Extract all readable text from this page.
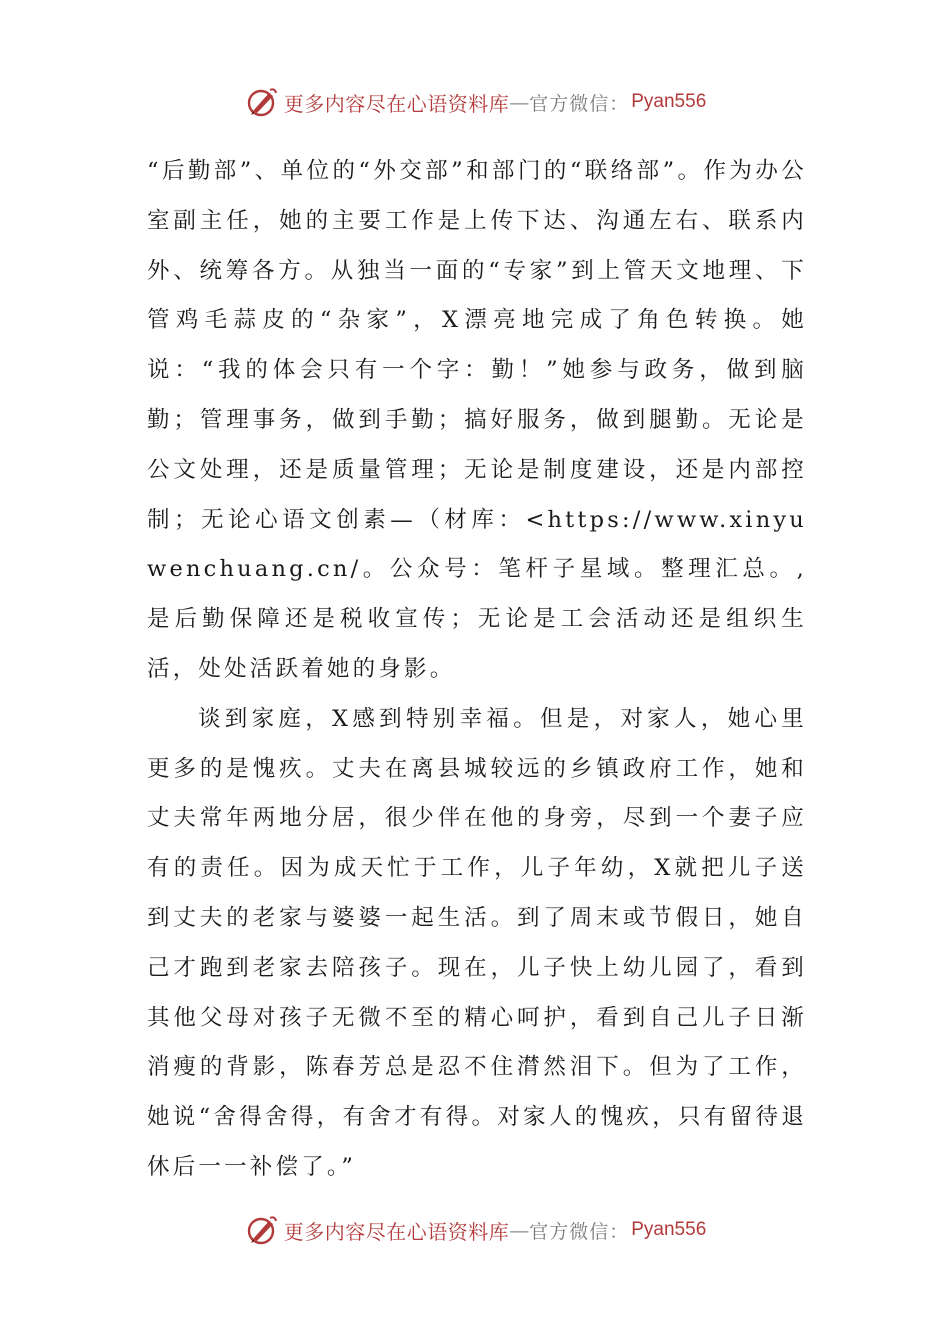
更多内容尽在心语资料库 — 官方微信： Pyan556

“后勤部”、单位的“外交部”和部门的“联络部”。作为办公室副主任，她的主要工作是上传下达、沟通左右、联系内外、统筹各方。从独当一面的“专家”到上管天文地理、下管鸡毛蒜皮的“杂家”，X漂亮地完成了角色转换。她说：“我的体会只有一个字：勤！”她参与政务，做到脑勤；管理事务，做到手勤；搞好服务，做到腿勤。无论是公文处理，还是质量管理；无论是制度建设，还是内部控制；无论心语文创素—（材库：<https://www.xinyuwenchuang.cn/。公众号：笔杆子星域。整理汇总。,是后勤保障还是税收宣传；无论是工会活动还是组织生活，处处活跃着她的身影。

谈到家庭，X感到特别幸福。但是，对家人，她心里更多的是愧疚。丈夫在离县城较远的乡镇政府工作，她和丈夫常年两地分居，很少伴在他的身旁，尽到一个妻子应有的责任。因为成天忙于工作，儿子年幼，X就把儿子送到丈夫的老家与婆婆一起生活。到了周末或节假日，她自己才跑到老家去陪孩子。现在，儿子快上幼儿园了，看到其他父母对孩子无微不至的精心呵护，看到自己儿子日渐消瘦的背影，陈春芳总是忍不住潸然泪下。但为了工作，她说“舍得舍得，有舍才有得。对家人的愧疚，只有留待退休后一一补偿了。”

更多内容尽在心语资料库 — 官方微信： Pyan556
